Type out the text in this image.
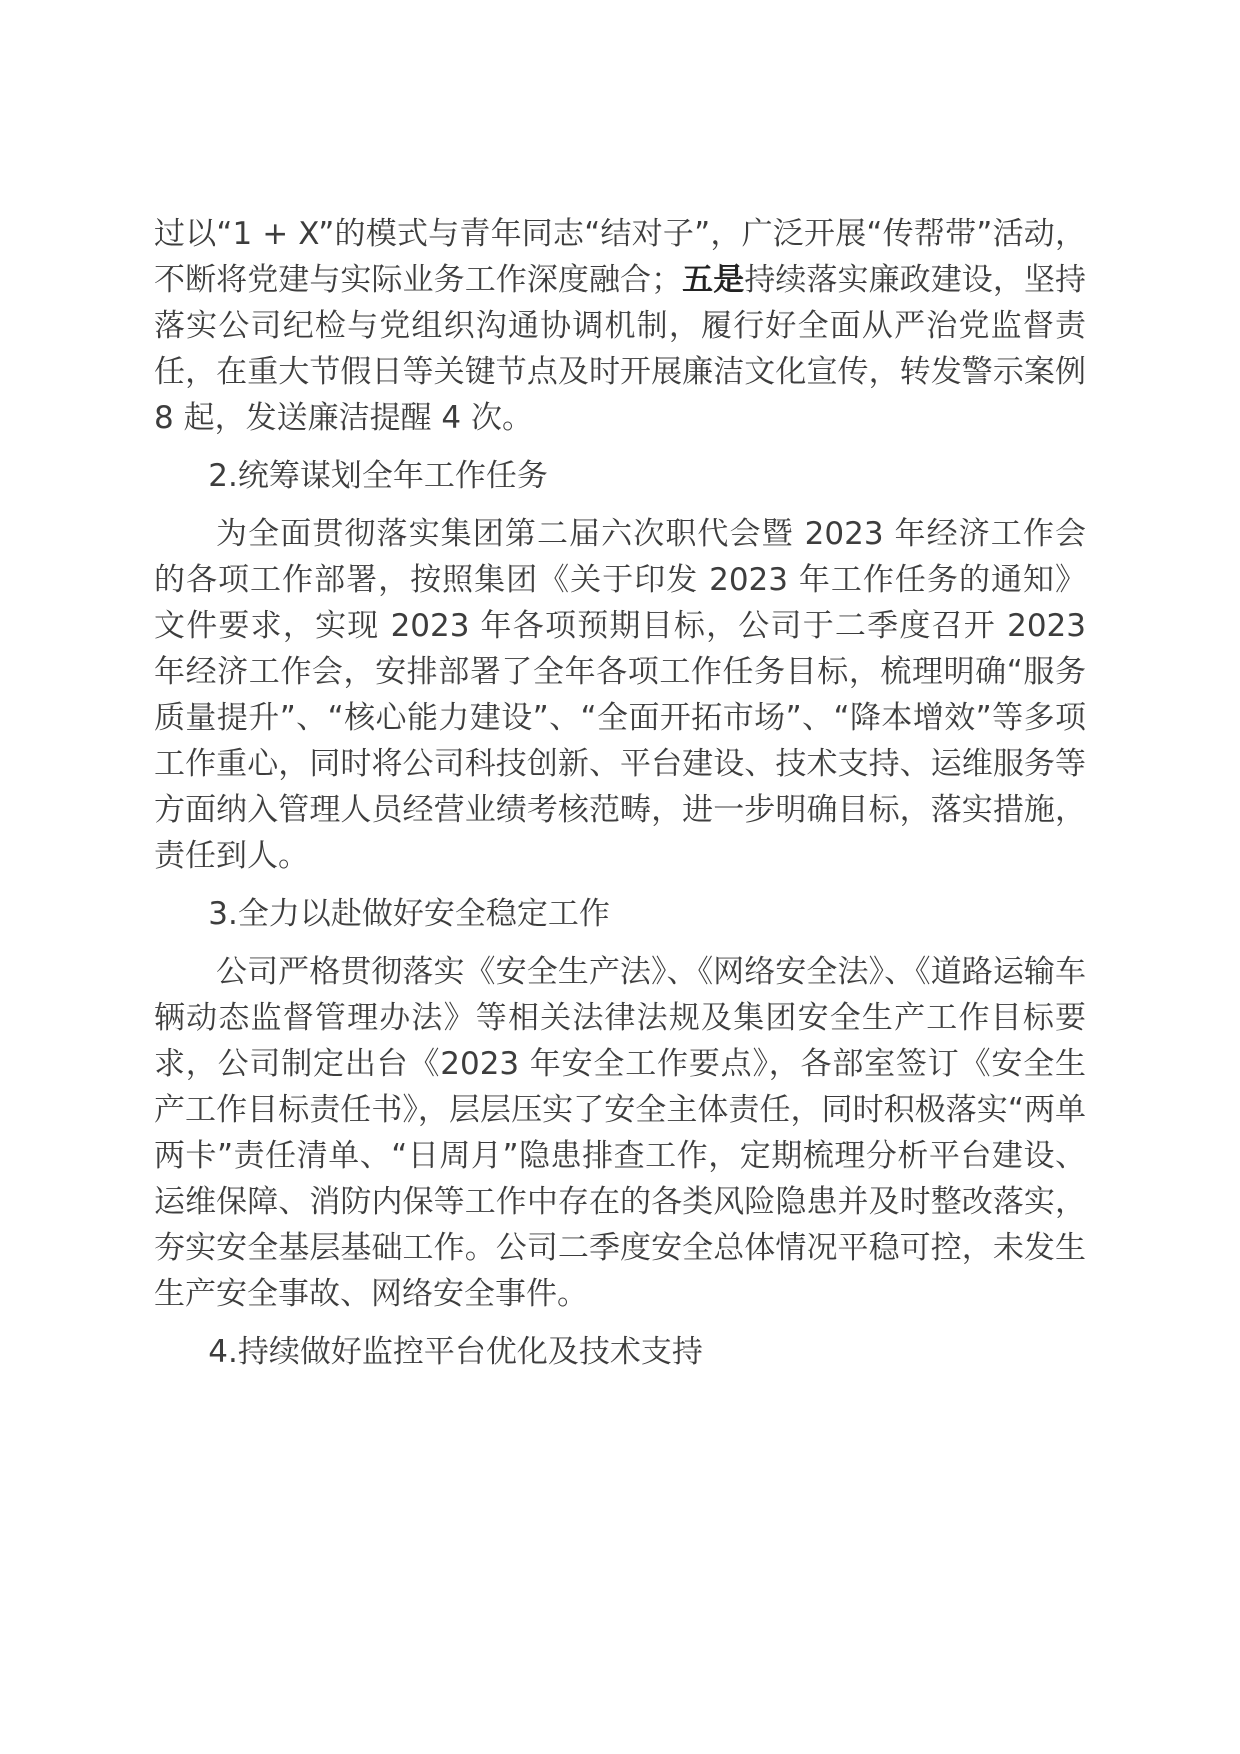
过以“1 + X”的模式与青年同志“结对子”，广泛开展“传帮带”活动，不断将党建与实际业务工作深度融合；五是持续落实廉政建设，坚持落实公司纪检与党组织沟通协调机制，履行好全面从严治党监督责任，在重大节假日等关键节点及时开展廉洁文化宣传，转发警示案例 8 起，发送廉洁提醒 4 次。

2.统筹谋划全年工作任务

为全面贯彻落实集团第二届六次职代会暨 2023 年经济工作会的各项工作部署，按照集团《关于印发 2023 年工作任务的通知》文件要求，实现 2023 年各项预期目标，公司于二季度召开 2023 年经济工作会，安排部署了全年各项工作任务目标，梳理明确“服务质量提升”、“核心能力建设”、“全面开拓市场”、“降本增效”等多项工作重心，同时将公司科技创新、平台建设、技术支持、运维服务等方面纳入管理人员经营业绩考核范畴，进一步明确目标，落实措施，责任到人。

3.全力以赴做好安全稳定工作

公司严格贯彻落实《安全生产法》、《网络安全法》、《道路运输车辆动态监督管理办法》等相关法律法规及集团安全生产工作目标要求，公司制定出台《2023 年安全工作要点》，各部室签订《安全生产工作目标责任书》，层层压实了安全主体责任，同时积极落实“两单两卡”责任清单、“日周月”隐患排查工作，定期梳理分析平台建设、运维保障、消防内保等工作中存在的各类风险隐患并及时整改落实，夯实安全基层基础工作。公司二季度安全总体情况平稳可控，未发生生产安全事故、网络安全事件。

4.持续做好监控平台优化及技术支持
